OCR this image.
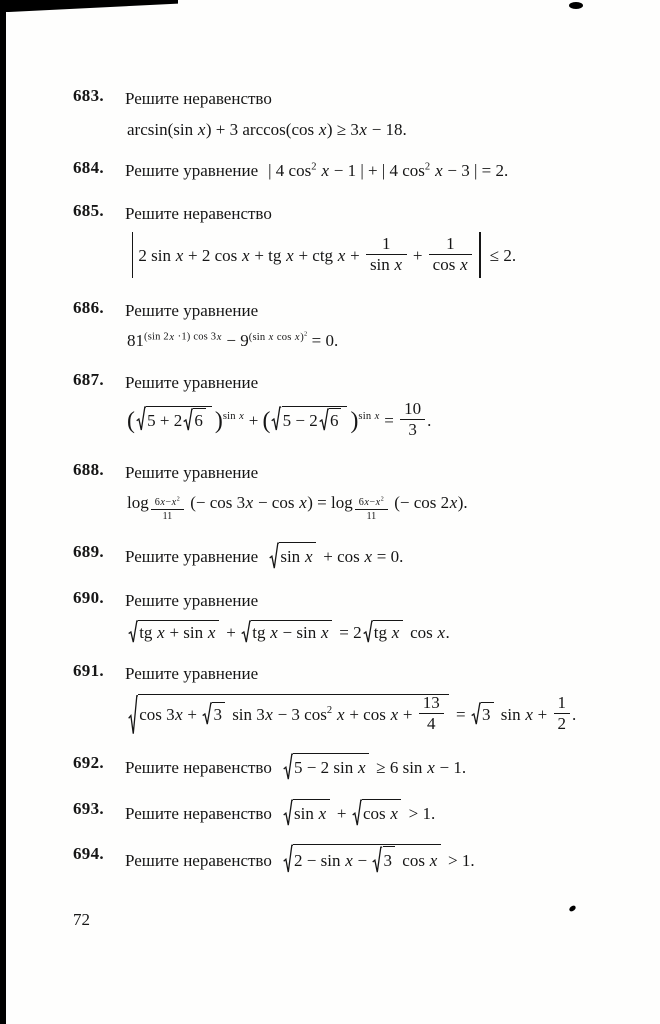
683.	Решите неравенство
arcsin(sin x) + 3 arccos(cos x) ≥ 3x − 18.
684.	Решите уравнение | 4 $\cos^2 x - 1$ | + | 4 $\cos^2 x - 3$ | = 2.
685.	Решите неравенство
2 sin x + 2 cos x + tg x + ctg $x + \frac{1}{\text{sin x}} + \frac{1}{\text{cos x}} \le 2$.
686.	Решите уравнение
$81^{(sin 2x \cdot 1) cos 3x} - 9^{(sin x cos x)^2} = 0$.
687.	Решите уравнение
( 5 + 2 6 )$^{sin x}$ + ( 5 − 2 6 )$^{sin x} = \frac{10}{3}$ .
688.	Решите уравнение
log $_{\frac{6x-x^2}{11}}$ (− cos 3x − cos x) = log $_{\frac{6x-x^2}{11}}$ (− cos 2x).
689.	Решите уравнение sin x + cos x = 0.
690.	Решите уравнение
tg x + sin x +
tg x − sin x = 2 tg x cos x.
691.	Решите уравнение
cos 3x +
3 sin 3x − 3 $\cos^2 x + \cos x + \frac{13}{4}$ =
3 $\sin x + \frac{1}{2}$ .
692.	Решите неравенство 5 − 2 sin x ≥ 6 sin x − 1.
693.	Решите неравенство sin x +
cos x > 1.
694.	Решите неравенство 2 − sin x −
3 cos x > 1.
72
